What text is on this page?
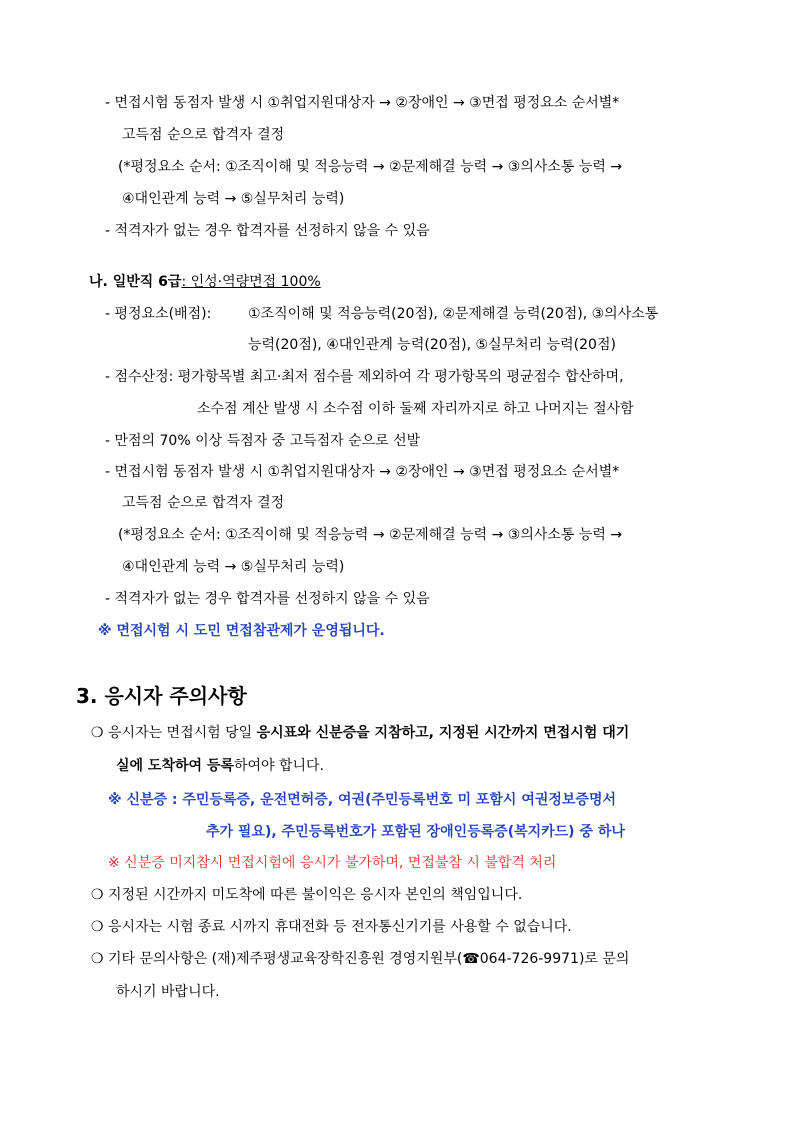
- 면접시험 동점자 발생 시 ①취업지원대상자 → ②장애인 → ③면접 평정요소 순서별*
고득점 순으로 합격자 결정
(*평정요소 순서: ①조직이해 및 적응능력 → ②문제해결 능력 → ③의사소통 능력 →
④대인관계 능력 → ⑤실무처리 능력)
- 적격자가 없는 경우 합격자를 선정하지 않을 수 있음
나. 일반직 6급: 인성·역량면접 100%
- 평정요소(배점):	①조직이해 및 적응능력(20점), ②문제해결 능력(20점), ③의사소통
능력(20점), ④대인관계 능력(20점), ⑤실무처리 능력(20점)
- 점수산정: 평가항목별 최고·최저 점수를 제외하여 각 평가항목의 평균점수 합산하며,
소수점 계산 발생 시 소수점 이하 둘째 자리까지로 하고 나머지는 절사함
- 만점의 70% 이상 득점자 중 고득점자 순으로 선발
- 면접시험 동점자 발생 시 ①취업지원대상자 → ②장애인 → ③면접 평정요소 순서별*
고득점 순으로 합격자 결정
(*평정요소 순서: ①조직이해 및 적응능력 → ②문제해결 능력 → ③의사소통 능력 →
④대인관계 능력 → ⑤실무처리 능력)
- 적격자가 없는 경우 합격자를 선정하지 않을 수 있음
※ 면접시험 시 도민 면접참관제가 운영됩니다.
3. 응시자 주의사항
❍ 응시자는 면접시험 당일 응시표와 신분증을 지참하고, 지정된 시간까지 면접시험 대기
실에 도착하여 등록하여야 합니다.
※ 신분증 : 주민등록증, 운전면허증, 여권(주민등록번호 미 포함시 여권정보증명서
추가 필요), 주민등록번호가 포함된 장애인등록증(복지카드) 중 하나
※ 신분증 미지참시 면접시험에 응시가 불가하며, 면접불참 시 불합격 처리
❍ 지정된 시간까지 미도착에 따른 불이익은 응시자 본인의 책임입니다.
❍ 응시자는 시험 종료 시까지 휴대전화 등 전자통신기기를 사용할 수 없습니다.
❍ 기타 문의사항은 (재)제주평생교육장학진흥원 경영지원부(☎064-726-9971)로 문의
하시기 바랍니다.
